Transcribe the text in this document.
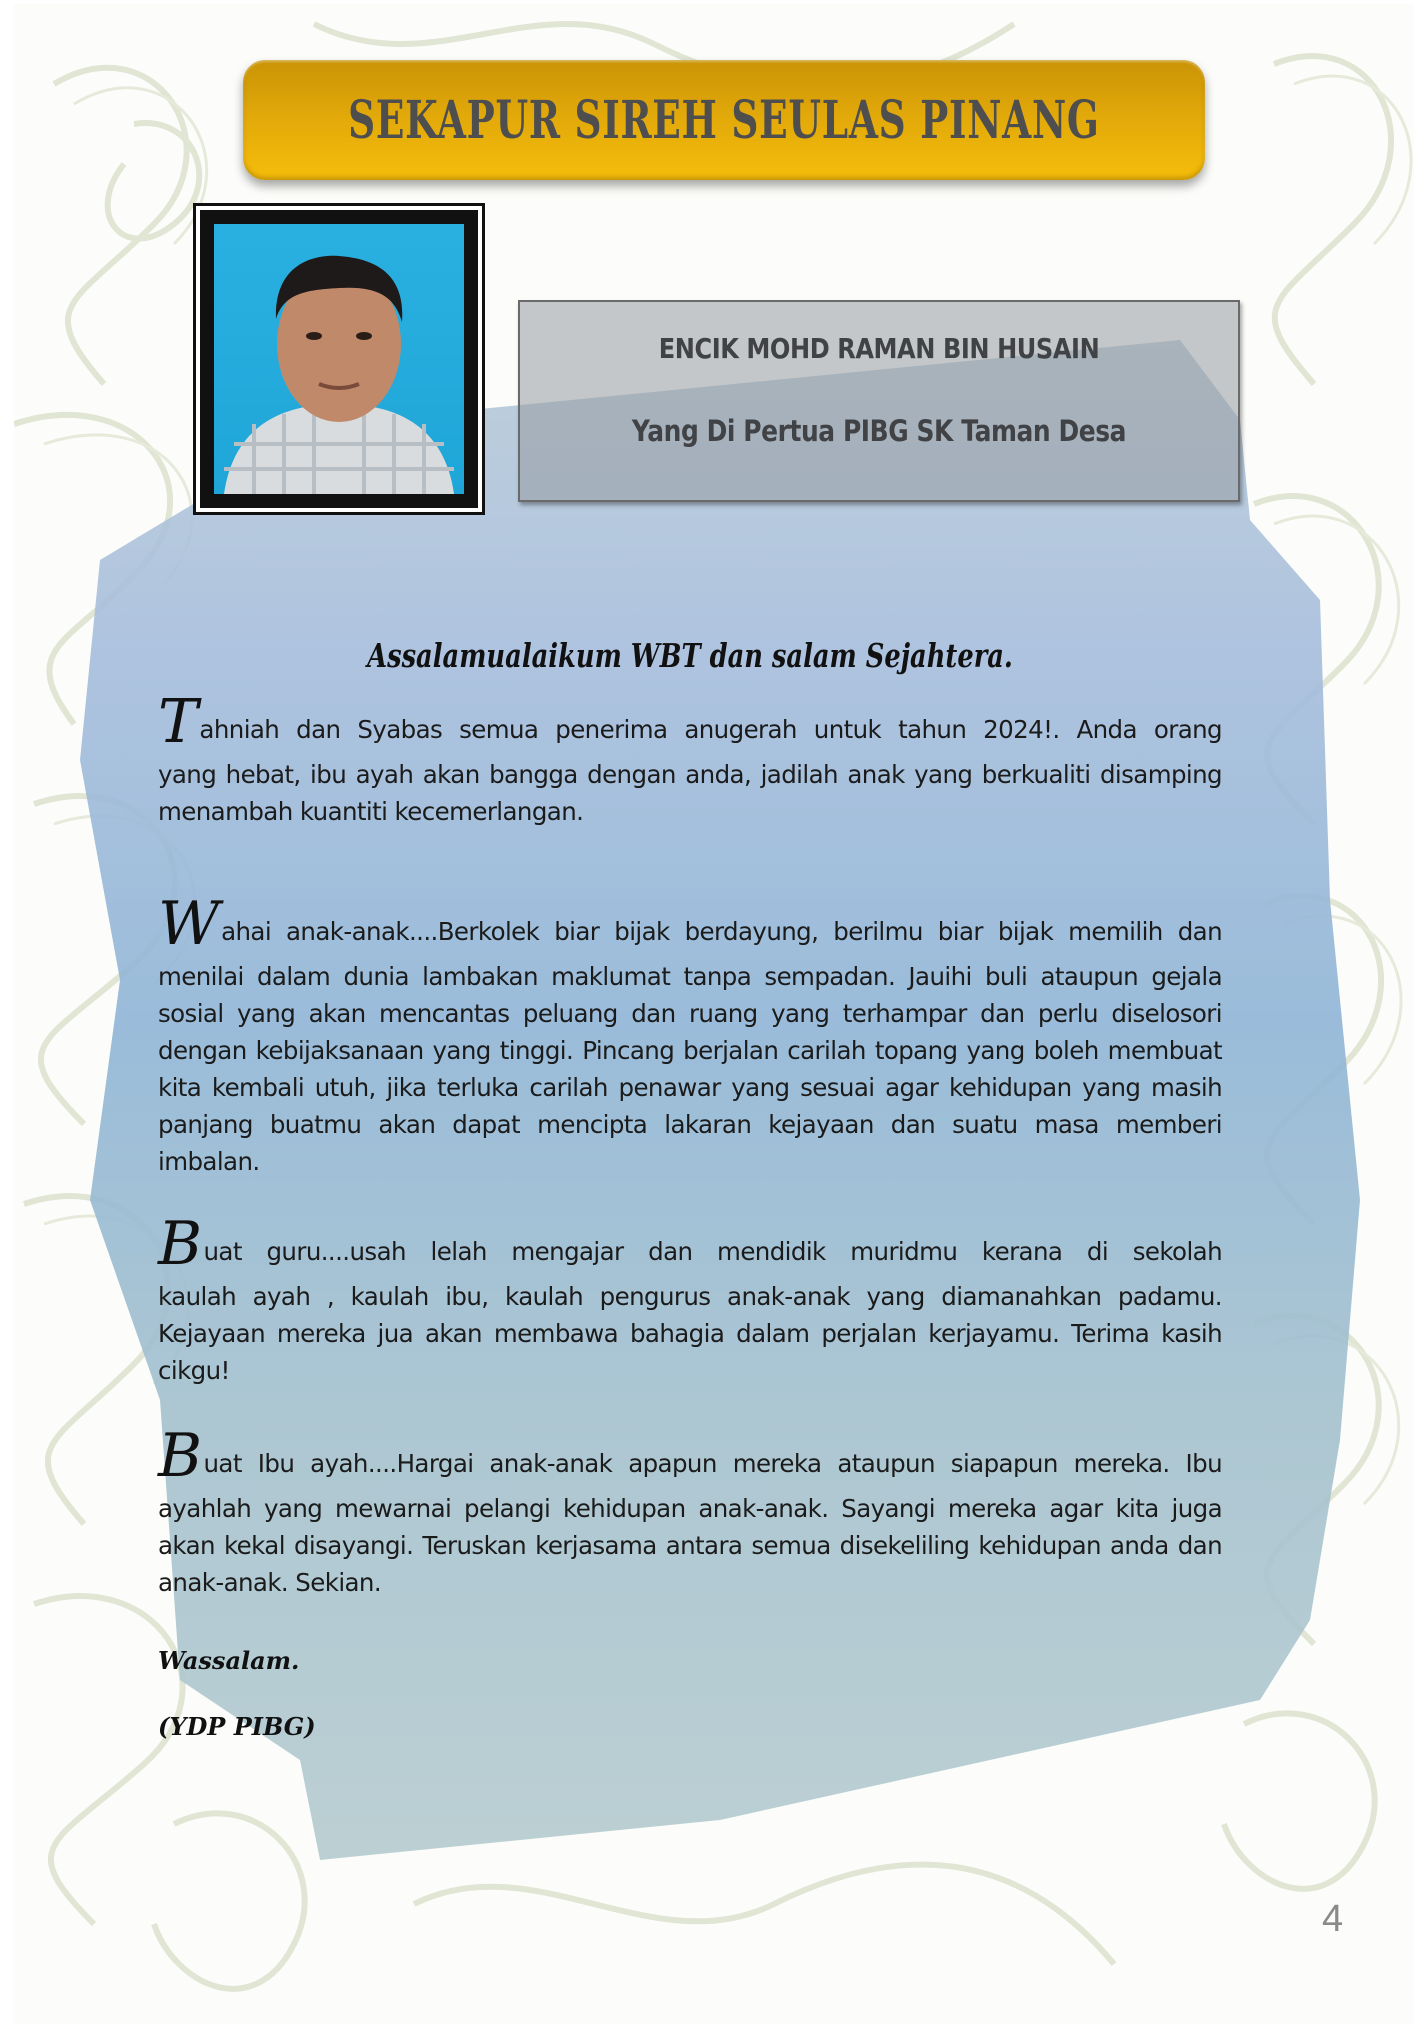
SEKAPUR SIREH SEULAS PINANG
ENCIK MOHD RAMAN BIN HUSAIN
Yang Di Pertua PIBG SK Taman Desa
Assalamualaikum WBT dan salam Sejahtera.
Tahniah dan Syabas semua penerima anugerah untuk tahun 2024!. Anda orang
yang hebat, ibu ayah akan bangga dengan anda, jadilah anak yang berkualiti disamping menambah kuantiti kecemerlangan.
Wahai anak-anak....Berkolek biar bijak berdayung, berilmu biar bijak memilih dan
menilai dalam dunia lambakan maklumat tanpa sempadan. Jauihi buli ataupun gejala sosial yang akan mencantas peluang dan ruang yang terhampar dan perlu diselosori dengan kebijaksanaan yang tinggi. Pincang berjalan carilah topang yang boleh membuat kita kembali utuh, jika terluka carilah penawar yang sesuai agar kehidupan yang masih panjang buatmu akan dapat mencipta lakaran kejayaan dan suatu masa memberi imbalan.
Buat guru....usah lelah mengajar dan mendidik muridmu kerana di sekolah
kaulah ayah , kaulah ibu, kaulah pengurus anak-anak yang diamanahkan padamu. Kejayaan mereka jua akan membawa bahagia dalam perjalan kerjayamu. Terima kasih cikgu!
Buat Ibu ayah....Hargai anak-anak apapun mereka ataupun siapapun mereka. Ibu
ayahlah yang mewarnai pelangi kehidupan anak-anak. Sayangi mereka agar kita juga akan kekal disayangi. Teruskan kerjasama antara semua disekeliling kehidupan anda dan anak-anak. Sekian.
Wassalam.
(YDP PIBG)
4
